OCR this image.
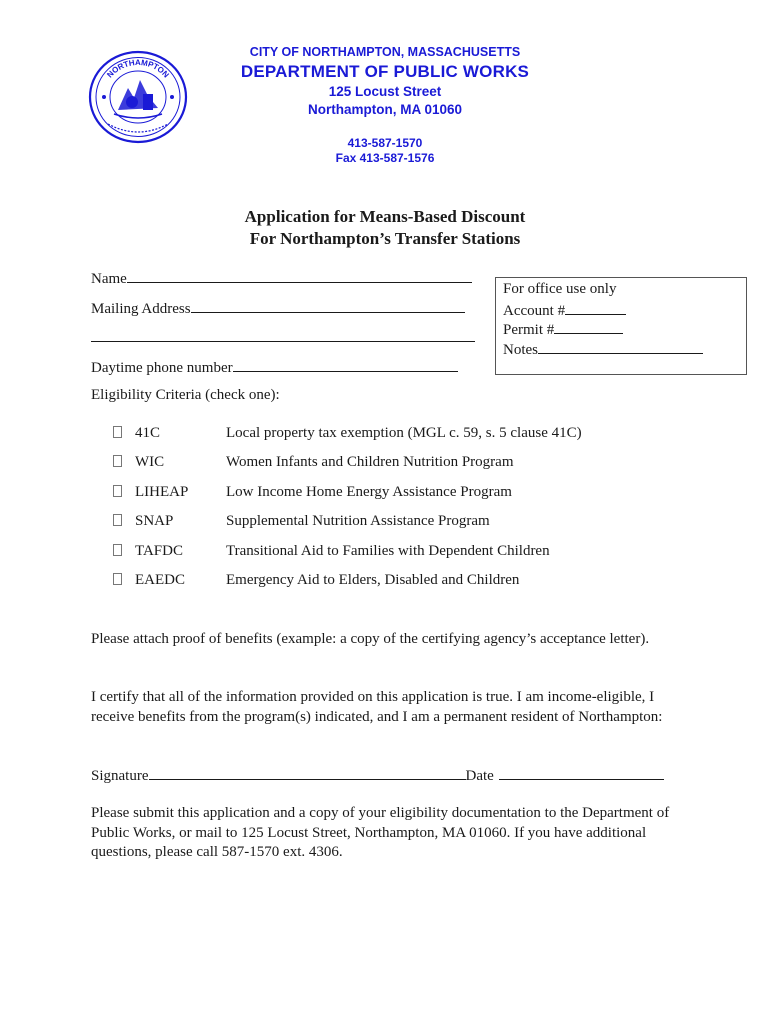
NORTHAMPTON
CITY OF NORTHAMPTON, MASSACHUSETTS
DEPARTMENT OF PUBLIC WORKS
125 Locust Street
Northampton, MA 01060
413-587-1570
Fax 413-587-1576
Application for Means-Based Discount
For Northampton’s Transfer Stations
Name
Mailing Address
Daytime phone number
Eligibility Criteria (check one):
For office use only
Account #
Permit #
Notes
41C	Local property tax exemption (MGL c. 59, s. 5 clause 41C)
WIC	Women Infants and Children Nutrition Program
LIHEAP	Low Income Home Energy Assistance Program
SNAP	Supplemental Nutrition Assistance Program
TAFDC	Transitional Aid to Families with Dependent Children
EAEDC	Emergency Aid to Elders, Disabled and Children
Please attach proof of benefits (example: a copy of the certifying agency’s acceptance letter).
I certify that all of the information provided on this application is true. I am income-eligible, I receive benefits from the program(s) indicated, and I am a permanent resident of Northampton:
Signature	Date
Please submit this application and a copy of your eligibility documentation to the Department of Public Works, or mail to 125 Locust Street, Northampton, MA 01060. If you have additional questions, please call 587-1570 ext. 4306.
